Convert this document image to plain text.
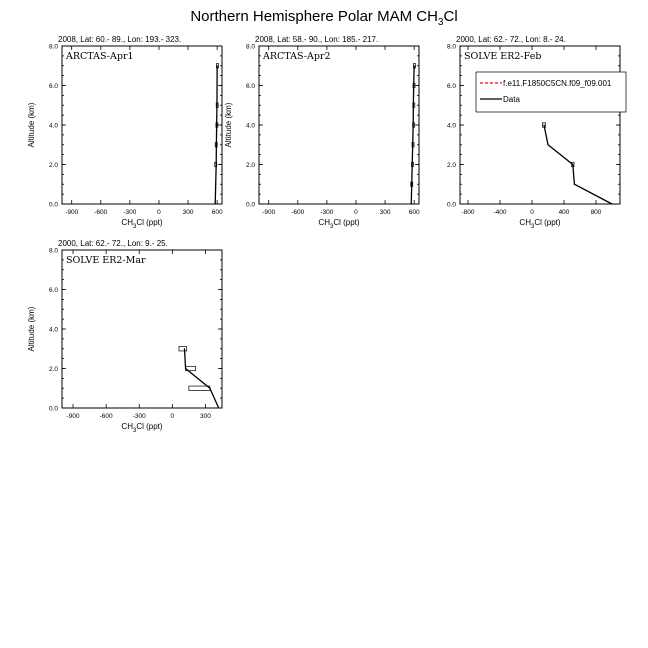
Northern Hemisphere Polar MAM $CH_3Cl$
2008, Lat: 60.- 89., Lon: 193.- 323.
-900 -600 -300	0	300	600
0.0
2.0
4.0
6.0
8.0
$CH_3Cl$ (ppt)
Altitude (km)
ARCTAS-Apr1
2008, Lat: 58.- 90., Lon: 185.- 217.
-900 -600 -300	0	300	600
0.0
2.0
4.0
6.0
8.0
$CH_3Cl$ (ppt)
Altitude (km)
ARCTAS-Apr2
2000, Lat: 62.- 72., Lon: 8.- 24.
-800	-400	0	400	800
0.0
2.0
4.0
6.0
8.0
$CH_3Cl$ (ppt)
SOLVE ER2-Feb
f.e11.F1850C5CN.f09_f09.001
Data
2000, Lat: 62.- 72., Lon: 9.- 25.
-900	-600	-300	0	300
0.0
2.0
4.0
6.0
8.0
$CH_3Cl$ (ppt)
Altitude (km)
SOLVE ER2-Mar
